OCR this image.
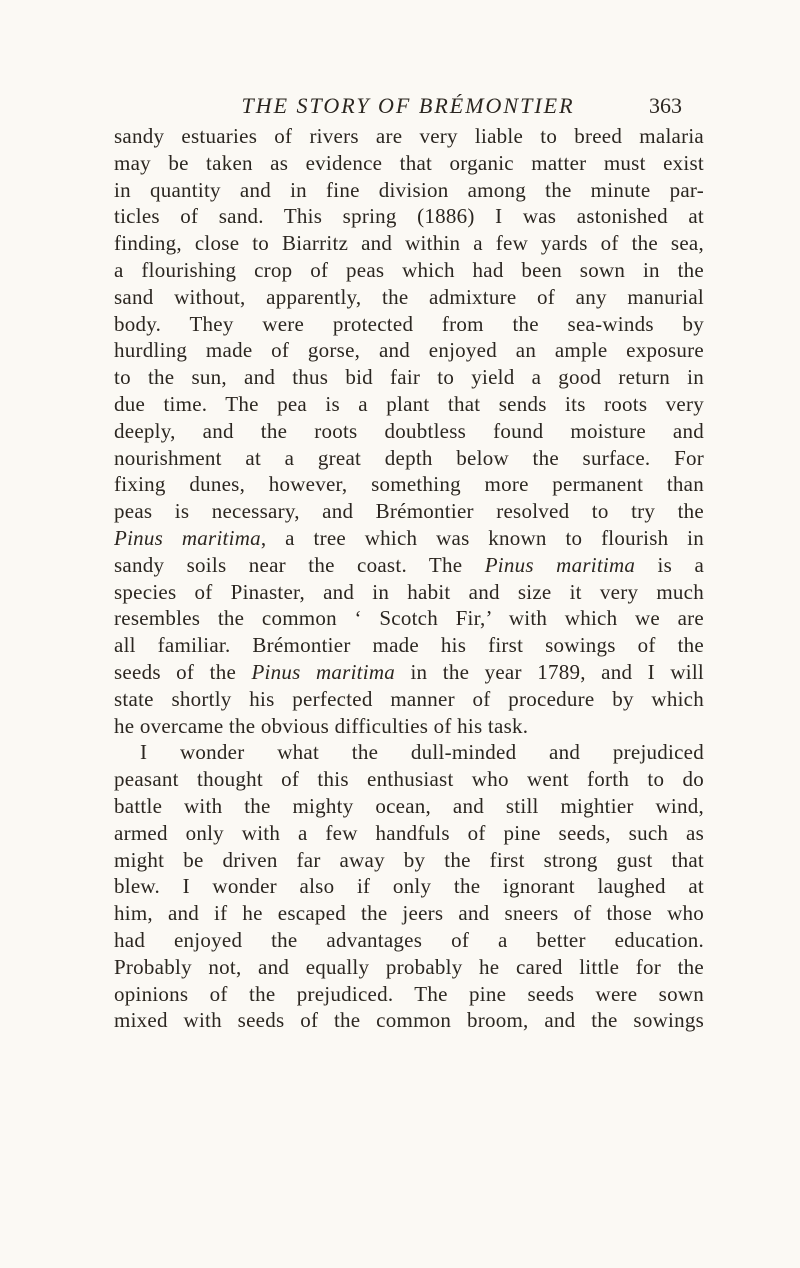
THE STORY OF BRÉMONTIER	363
sandy estuaries of rivers are very liable to breed malaria
may be taken as evidence that organic matter must exist
in quantity and in fine division among the minute par-
ticles of sand. This spring (1886) I was astonished at
finding, close to Biarritz and within a few yards of the sea,
a flourishing crop of peas which had been sown in the
sand without, apparently, the admixture of any manurial
body. They were protected from the sea-winds by
hurdling made of gorse, and enjoyed an ample exposure
to the sun, and thus bid fair to yield a good return in
due time. The pea is a plant that sends its roots very
deeply, and the roots doubtless found moisture and
nourishment at a great depth below the surface. For
fixing dunes, however, something more permanent than
peas is necessary, and Brémontier resolved to try the
Pinus maritima, a tree which was known to flourish in
sandy soils near the coast. The Pinus maritima is a
species of Pinaster, and in habit and size it very much
resembles the common ‘ Scotch Fir,’ with which we are
all familiar. Brémontier made his first sowings of the
seeds of the Pinus maritima in the year 1789, and I will
state shortly his perfected manner of procedure by which
he overcame the obvious difficulties of his task.
I wonder what the dull-minded and prejudiced
peasant thought of this enthusiast who went forth to do
battle with the mighty ocean, and still mightier wind,
armed only with a few handfuls of pine seeds, such as
might be driven far away by the first strong gust that
blew. I wonder also if only the ignorant laughed at
him, and if he escaped the jeers and sneers of those who
had enjoyed the advantages of a better education.
Probably not, and equally probably he cared little for the
opinions of the prejudiced. The pine seeds were sown
mixed with seeds of the common broom, and the sowings
